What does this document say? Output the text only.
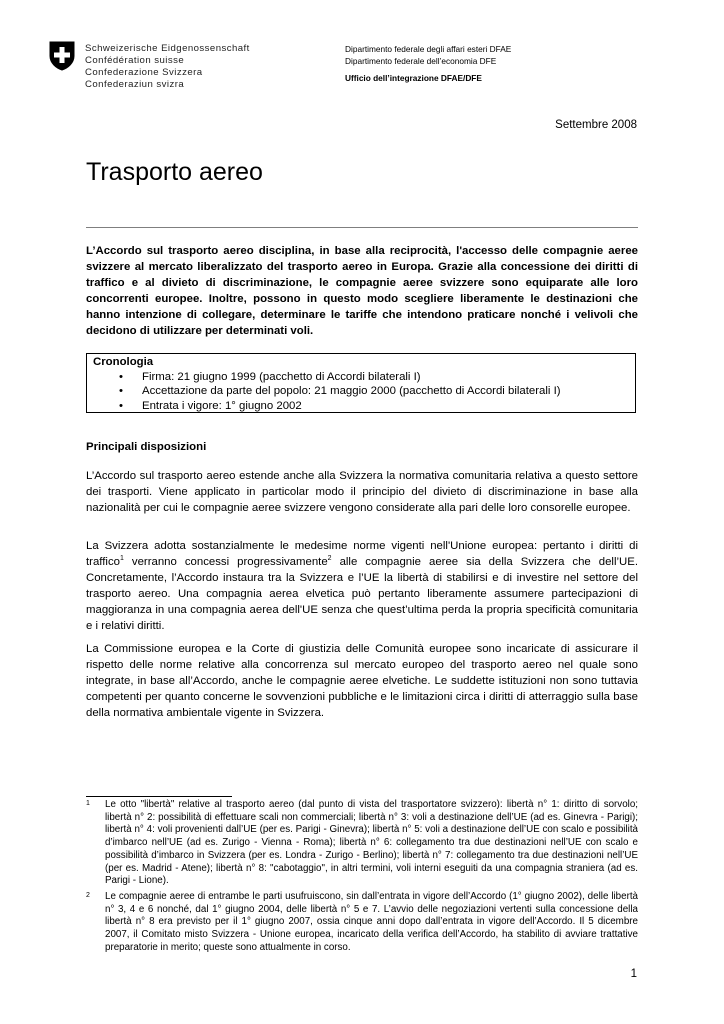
Schweizerische Eidgenossenschaft
Confédération suisse
Confederazione Svizzera
Confederaziun svizra
Dipartimento federale degli affari esteri DFAE
Dipartimento federale dell’economia DFE
Ufficio dell’integrazione DFAE/DFE
Settembre 2008
Trasporto aereo

L’Accordo sul trasporto aereo disciplina, in base alla reciprocità, l'accesso delle compagnie aeree svizzere al mercato liberalizzato del trasporto aereo in Europa. Grazie alla concessione dei diritti di traffico e al divieto di discriminazione, le compagnie aeree svizzere sono equiparate alle loro concorrenti europee. Inoltre, possono in questo modo scegliere liberamente le destinazioni che hanno intenzione di collegare, determinare le tariffe che intendono praticare nonché i velivoli che decidono di utilizzare per determinati voli.

Cronologia
• Firma: 21 giugno 1999 (pacchetto di Accordi bilaterali I)
• Accettazione da parte del popolo: 21 maggio 2000 (pacchetto di Accordi bilaterali I)
• Entrata i vigore: 1° giugno 2002
Principali disposizioni

L’Accordo sul trasporto aereo estende anche alla Svizzera la normativa comunitaria relativa a questo settore dei trasporti. Viene applicato in particolar modo il principio del divieto di discriminazione in base alla nazionalità per cui le compagnie aeree svizzere vengono considerate alla pari delle loro consorelle europee.

La Svizzera adotta sostanzialmente le medesime norme vigenti nell'Unione europea: pertanto i diritti di traffico$^1$ verranno concessi progressivamente$^2$ alle compagnie aeree sia della Svizzera che dell’UE. Concretamente, l’Accordo instaura tra la Svizzera e l’UE la libertà di stabilirsi e di investire nel settore del trasporto aereo. Una compagnia aerea elvetica può pertanto liberamente assumere partecipazioni di maggioranza in una compagnia aerea dell'UE senza che quest’ultima perda la propria specificità comunitaria e i relativi diritti.

La Commissione europea e la Corte di giustizia delle Comunità europee sono incaricate di assicurare il rispetto delle norme relative alla concorrenza sul mercato europeo del trasporto aereo nel quale sono integrate, in base all’Accordo, anche le compagnie aeree elvetiche. Le suddette istituzioni non sono tuttavia competenti per quanto concerne le sovvenzioni pubbliche e le limitazioni circa i diritti di atterraggio sulla base della normativa ambientale vigente in Svizzera.

1 Le otto "libertà" relative al trasporto aereo (dal punto di vista del trasportatore svizzero): libertà n° 1: diritto di sorvolo; libertà n° 2: possibilità di effettuare scali non commerciali; libertà n° 3: voli a destinazione dell’UE (ad es. Ginevra - Parigi); libertà n° 4: voli provenienti dall’UE (per es. Parigi - Ginevra); libertà n° 5: voli a destinazione dell’UE con scalo e possibilità d’imbarco nell’UE (ad es. Zurigo - Vienna - Roma); libertà n° 6: collegamento tra due destinazioni nell’UE con scalo e possibilità d’imbarco in Svizzera (per es. Londra - Zurigo - Berlino); libertà n° 7: collegamento tra due destinazioni nell’UE (per es. Madrid - Atene); libertà n° 8: "cabotaggio", in altri termini, voli interni eseguiti da una compagnia straniera (ad es. Parigi - Lione).
2 Le compagnie aeree di entrambe le parti usufruiscono, sin dall’entrata in vigore dell’Accordo (1° giugno 2002), delle libertà n° 3, 4 e 6 nonché, dal 1° giugno 2004, delle libertà n° 5 e 7. L’avvio delle negoziazioni vertenti sulla concessione della libertà n° 8 era previsto per il 1° giugno 2007, ossia cinque anni dopo dall’entrata in vigore dell’Accordo. Il 5 dicembre 2007, il Comitato misto Svizzera - Unione europea, incaricato della verifica dell’Accordo, ha stabilito di avviare trattative preparatorie in merito; queste sono attualmente in corso.
1
